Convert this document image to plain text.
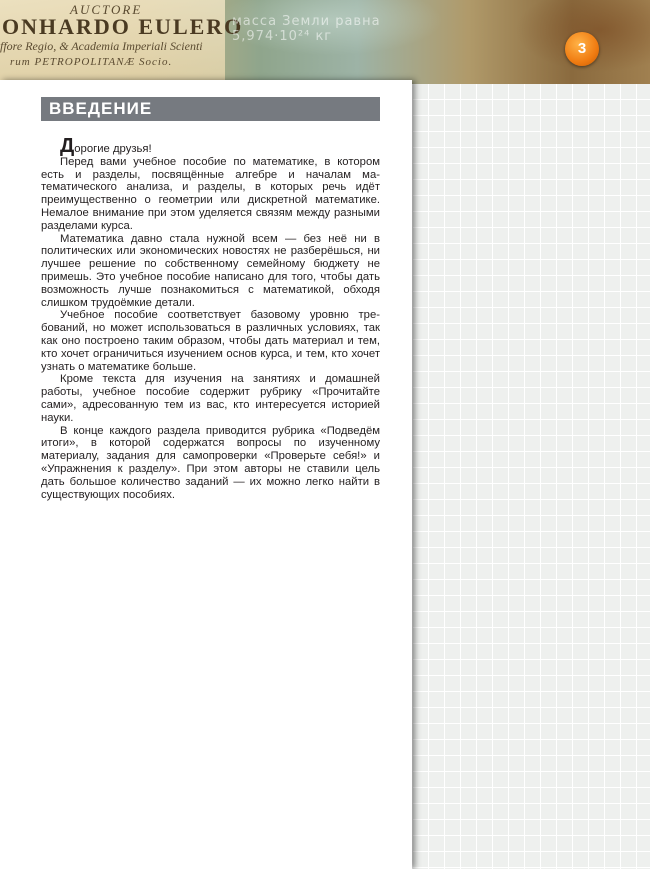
AUCTORE
ONHARDO EULERO
ffore Regio, & Academia Imperiali Scienti
rum PETROPOLITANÆ Socio.
масса Земли равна 5,974·10²⁴ кг
3
ВВЕДЕНИЕ
Дорогие друзья!

Перед вами учебное пособие по математике, в котором есть и разделы, посвящённые алгебре и началам математического анализа, и разделы, в которых речь идёт преимущественно о геометрии или дискретной математике. Немалое внимание при этом уделяется связям между разными разделами курса.

Математика давно стала нужной всем — без неё ни в политических или экономических новостях не разберёшься, ни лучшее решение по собственному семейному бюджету не примешь. Это учебное пособие написано для того, чтобы дать возможность лучше познакомиться с математикой, обходя слишком трудоёмкие детали.

Учебное пособие соответствует базовому уровню требований, но может использоваться в различных условиях, так как оно построено таким образом, чтобы дать материал и тем, кто хочет ограничиться изучением основ курса, и тем, кто хочет узнать о математике больше.

Кроме текста для изучения на занятиях и домашней работы, учебное пособие содержит рубрику «Прочитайте сами», адресованную тем из вас, кто интересуется историей науки.

В конце каждого раздела приводится рубрика «Подведём итоги», в которой содержатся вопросы по изученному материалу, задания для самопроверки «Проверьте себя!» и «Упражнения к разделу». При этом авторы не ставили цель дать большое количество заданий — их можно легко найти в существующих пособиях.
